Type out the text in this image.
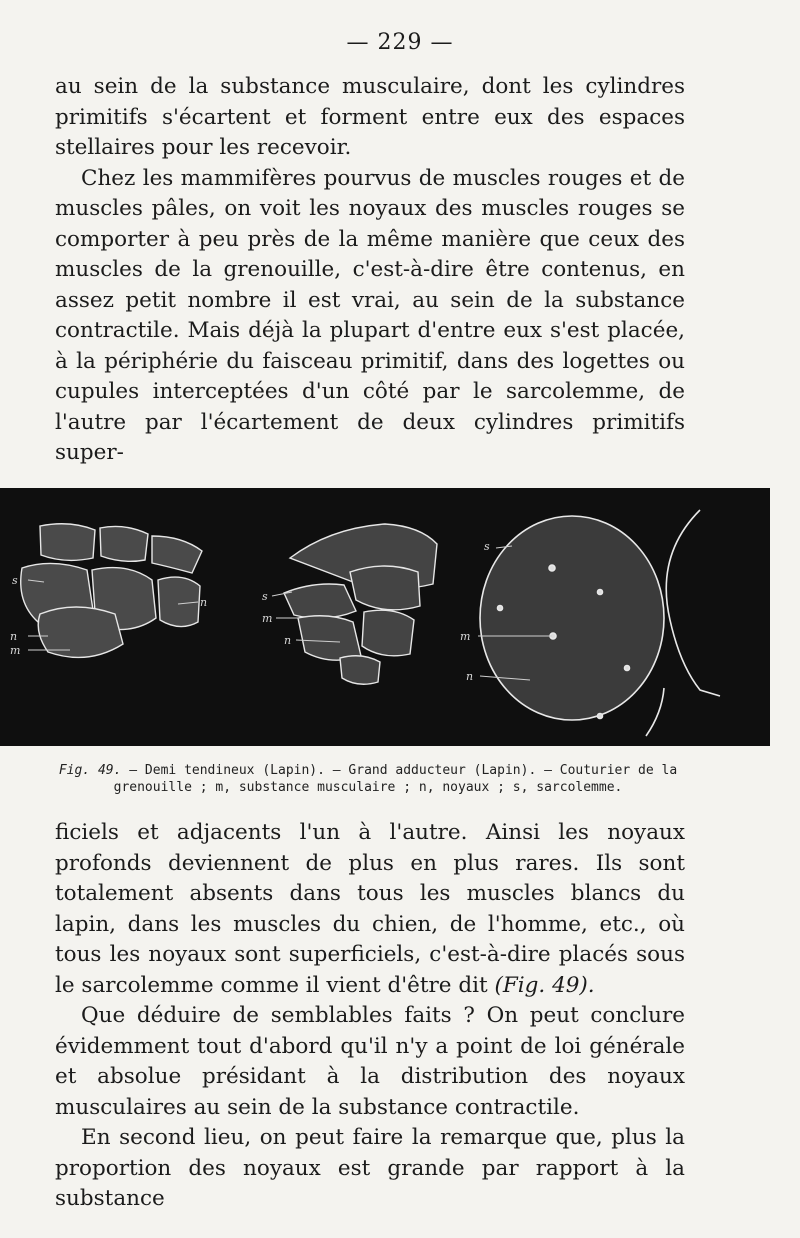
— 229 —

au sein de la substance musculaire, dont les cylindres primitifs s'écartent et forment entre eux des espaces stellaires pour les recevoir.

Chez les mammifères pourvus de muscles rouges et de muscles pâles, on voit les noyaux des muscles rouges se comporter à peu près de la même manière que ceux des muscles de la grenouille, c'est-à-dire être contenus, en assez petit nombre il est vrai, au sein de la substance contractile. Mais déjà la plupart d'entre eux s'est placée, à la périphérie du faisceau primitif, dans des logettes ou cupules interceptées d'un côté par le sarcolemme, de l'autre par l'écartement de deux cylindres primitifs super-

s
n
n
m
s
m
n
s
m
n
Fig. 49. — Demi tendineux (Lapin). — Grand adducteur (Lapin). — Couturier de la grenouille ; m, substance musculaire ; n, noyaux ; s, sarcolemme.

ficiels et adjacents l'un à l'autre. Ainsi les noyaux profonds deviennent de plus en plus rares. Ils sont totalement absents dans tous les muscles blancs du lapin, dans les muscles du chien, de l'homme, etc., où tous les noyaux sont superficiels, c'est-à-dire placés sous le sarcolemme comme il vient d'être dit (Fig. 49).

Que déduire de semblables faits ? On peut conclure évidemment tout d'abord qu'il n'y a point de loi générale et absolue présidant à la distribution des noyaux musculaires au sein de la substance contractile.

En second lieu, on peut faire la remarque que, plus la proportion des noyaux est grande par rapport à la substance
